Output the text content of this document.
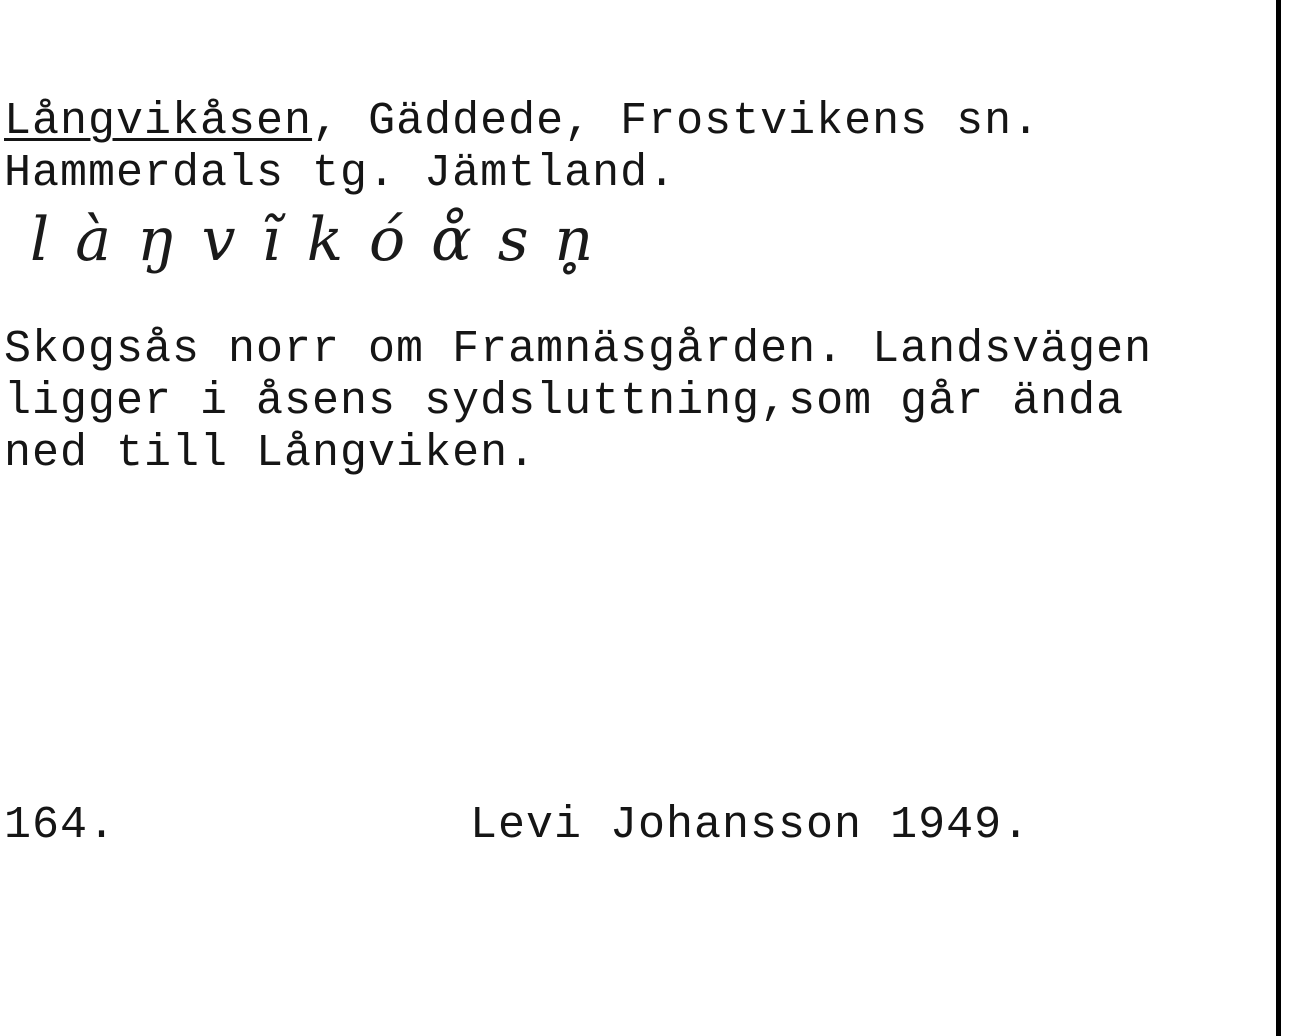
Långvikåsen, Gäddede, Frostvikens sn.
Hammerdals tg. Jämtland.
làŋvĩkóɑ̊sn̥
Skogsås norr om Framnäsgården. Landsvägen
ligger i åsens sydsluttning,som går ända
ned till Långviken.
164.	Levi Johansson 1949.
